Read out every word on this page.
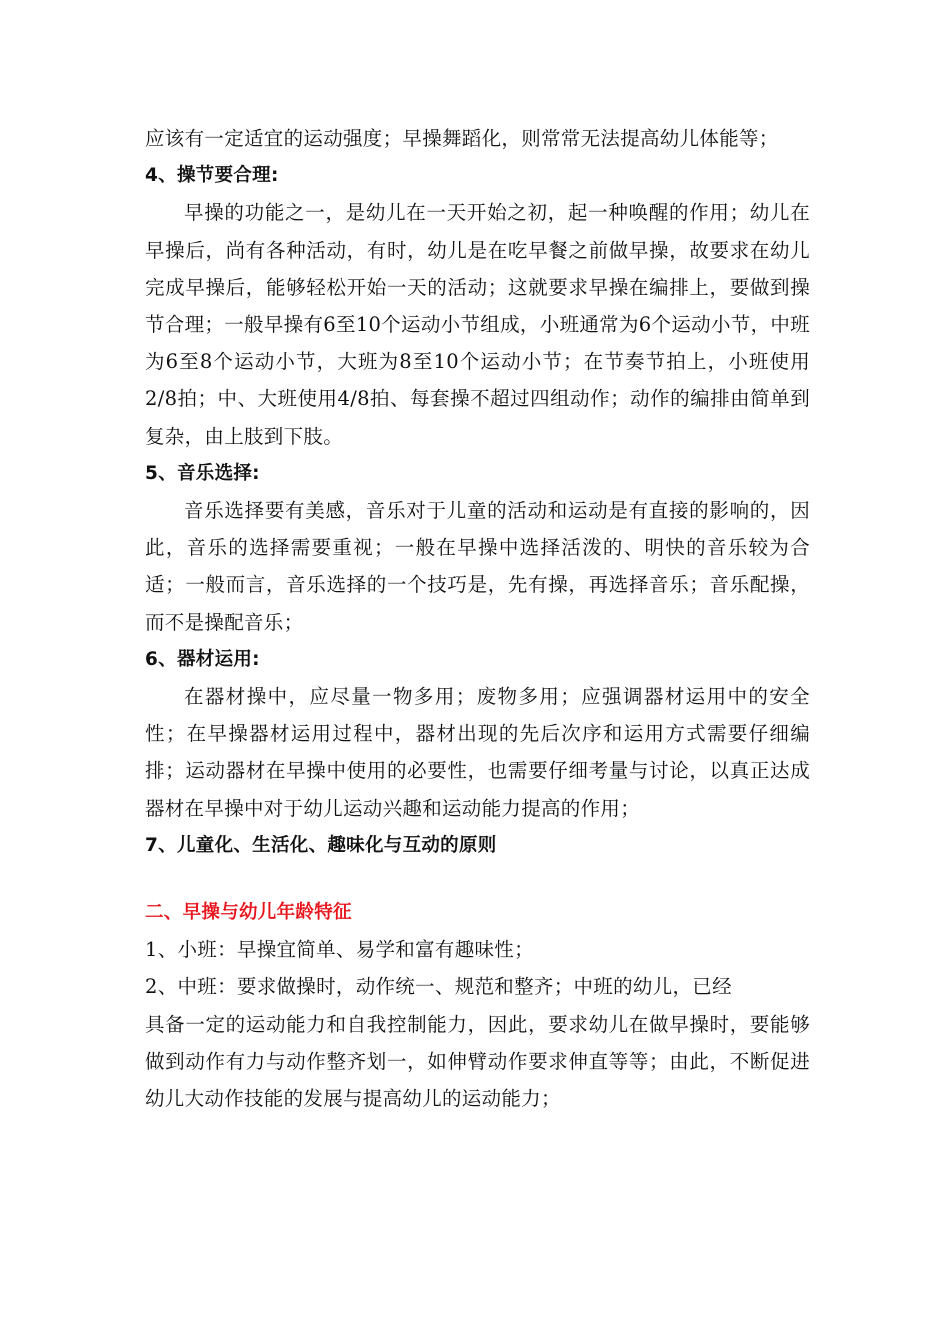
应该有一定适宜的运动强度；早操舞蹈化，则常常无法提高幼儿体能等；

4、操节要合理:

早操的功能之一，是幼儿在一天开始之初，起一种唤醒的作用；幼儿在早操后，尚有各种活动，有时，幼儿是在吃早餐之前做早操，故要求在幼儿完成早操后，能够轻松开始一天的活动；这就要求早操在编排上，要做到操节合理；一般早操有6至10个运动小节组成，小班通常为6个运动小节，中班为6至8个运动小节，大班为8至10个运动小节；在节奏节拍上，小班使用2/8拍；中、大班使用4/8拍、每套操不超过四组动作；动作的编排由简单到复杂，由上肢到下肢。

5、音乐选择:

音乐选择要有美感，音乐对于儿童的活动和运动是有直接的影响的，因此，音乐的选择需要重视；一般在早操中选择活泼的、明快的音乐较为合适；一般而言，音乐选择的一个技巧是，先有操，再选择音乐；音乐配操，而不是操配音乐；

6、器材运用:

在器材操中，应尽量一物多用；废物多用；应强调器材运用中的安全性；在早操器材运用过程中，器材出现的先后次序和运用方式需要仔细编排；运动器材在早操中使用的必要性，也需要仔细考量与讨论，以真正达成器材在早操中对于幼儿运动兴趣和运动能力提高的作用；

7、儿童化、生活化、趣味化与互动的原则

二、早操与幼儿年龄特征

1、小班：早操宜简单、易学和富有趣味性；

2、中班：要求做操时，动作统一、规范和整齐；中班的幼儿，已经

具备一定的运动能力和自我控制能力，因此，要求幼儿在做早操时，要能够做到动作有力与动作整齐划一，如伸臂动作要求伸直等等；由此，不断促进幼儿大动作技能的发展与提高幼儿的运动能力；
